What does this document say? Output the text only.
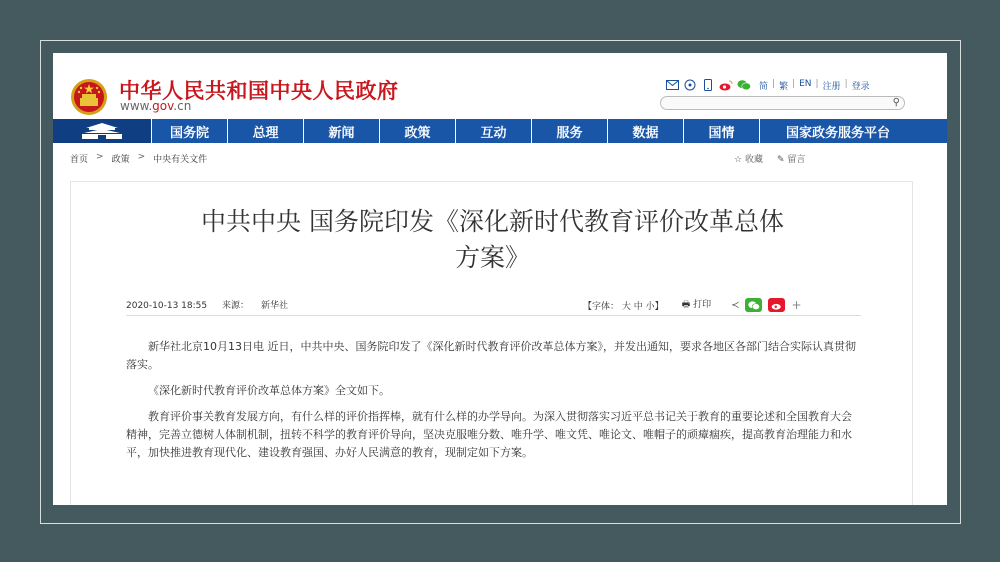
中华人民共和国中央人民政府
www.gov.cn
简 | 繁 | EN | 注册 | 登录
⚲
国务院	总理	新闻	政策	互动	服务	数据	国情	国家政务服务平台
首页 > 政策 > 中央有关文件	☆ 收藏 ✎ 留言
中共中央 国务院印发《深化新时代教育评价改革总体
方案》
2020-10-13 18:55 来源： 新华社	【字体： 大 中 小】 🖶 打印 ≺	+

新华社北京10月13日电 近日，中共中央、国务院印发了《深化新时代教育评价改革总体方案》，并发出通知，要求各地区各部门结合实际认真贯彻落实。

《深化新时代教育评价改革总体方案》全文如下。

教育评价事关教育发展方向，有什么样的评价指挥棒，就有什么样的办学导向。为深入贯彻落实习近平总书记关于教育的重要论述和全国教育大会精神，完善立德树人体制机制，扭转不科学的教育评价导向，坚决克服唯分数、唯升学、唯文凭、唯论文、唯帽子的顽瘴痼疾，提高教育治理能力和水平，加快推进教育现代化、建设教育强国、办好人民满意的教育，现制定如下方案。
